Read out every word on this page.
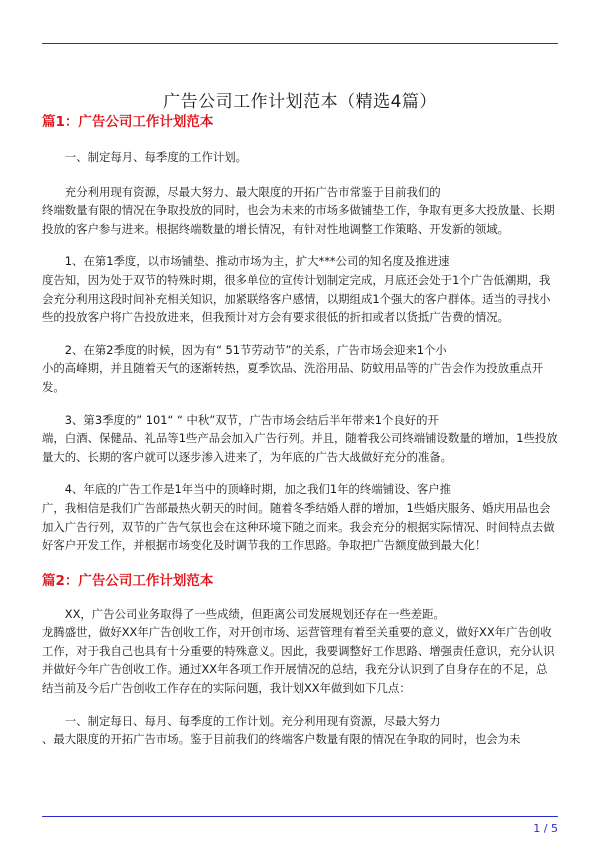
广告公司工作计划范本（精选4篇）
篇1：广告公司工作计划范本

一、制定每月、每季度的工作计划。

充分利用现有资源，尽最大努力、最大限度的开拓广告市常鉴于目前我们的

终端数量有限的情况在争取投放的同时，也会为未来的市场多做铺垫工作，争取有更多大投放量、长期投放的客户参与进来。根据终端数量的增长情况，有针对性地调整工作策略、开发新的领域。

1、在第1季度，以市场铺垫、推动市场为主，扩大***公司的知名度及推进速

度告知，因为处于双节的特殊时期，很多单位的宣传计划制定完成，月底还会处于1个广告低潮期，我会充分利用这段时间补充相关知识，加紧联络客户感情，以期组成1个强大的客户群体。适当的寻找小些的投放客户将广告投放进来，但我预计对方会有要求很低的折扣或者以货抵广告费的情况。

2、在第2季度的时候，因为有“ 51节劳动节”的关系，广告市场会迎来1个小

小的高峰期，并且随着天气的逐渐转热，夏季饮品、洗浴用品、防蚊用品等的广告会作为投放重点开发。

3、第3季度的” 101“ “ 中秋”双节，广告市场会结后半年带来1个良好的开

端，白酒、保健品、礼品等1些产品会加入广告行列。并且，随着我公司终端铺设数量的增加，1些投放量大的、长期的客户就可以逐步渗入进来了，为年底的广告大战做好充分的准备。

4、年底的广告工作是1年当中的顶峰时期，加之我们1年的终端铺设、客户推

广，我相信是我们广告部最热火朝天的时间。随着冬季结婚人群的增加，1些婚庆服务、婚庆用品也会加入广告行列，双节的广告气氛也会在这种环境下随之而来。我会充分的根据实际情况、时间特点去做好客户开发工作，并根据市场变化及时调节我的工作思路。争取把广告额度做到最大化！

篇2：广告公司工作计划范本

XX，广告公司业务取得了一些成绩，但距离公司发展规划还存在一些差距。

龙腾盛世，做好XX年广告创收工作，对开创市场、运营管理有着至关重要的意义，做好XX年广告创收工作，对于我自己也具有十分重要的特殊意义。因此，我要调整好工作思路、增强责任意识，充分认识并做好今年广告创收工作。通过XX年各项工作开展情况的总结，我充分认识到了自身存在的不足，总结当前及今后广告创收工作存在的实际问题，我计划XX年做到如下几点：

一、制定每日、每月、每季度的工作计划。充分利用现有资源，尽最大努力

、最大限度的开拓广告市场。鉴于目前我们的终端客户数量有限的情况在争取的同时，也会为未

1 / 5
